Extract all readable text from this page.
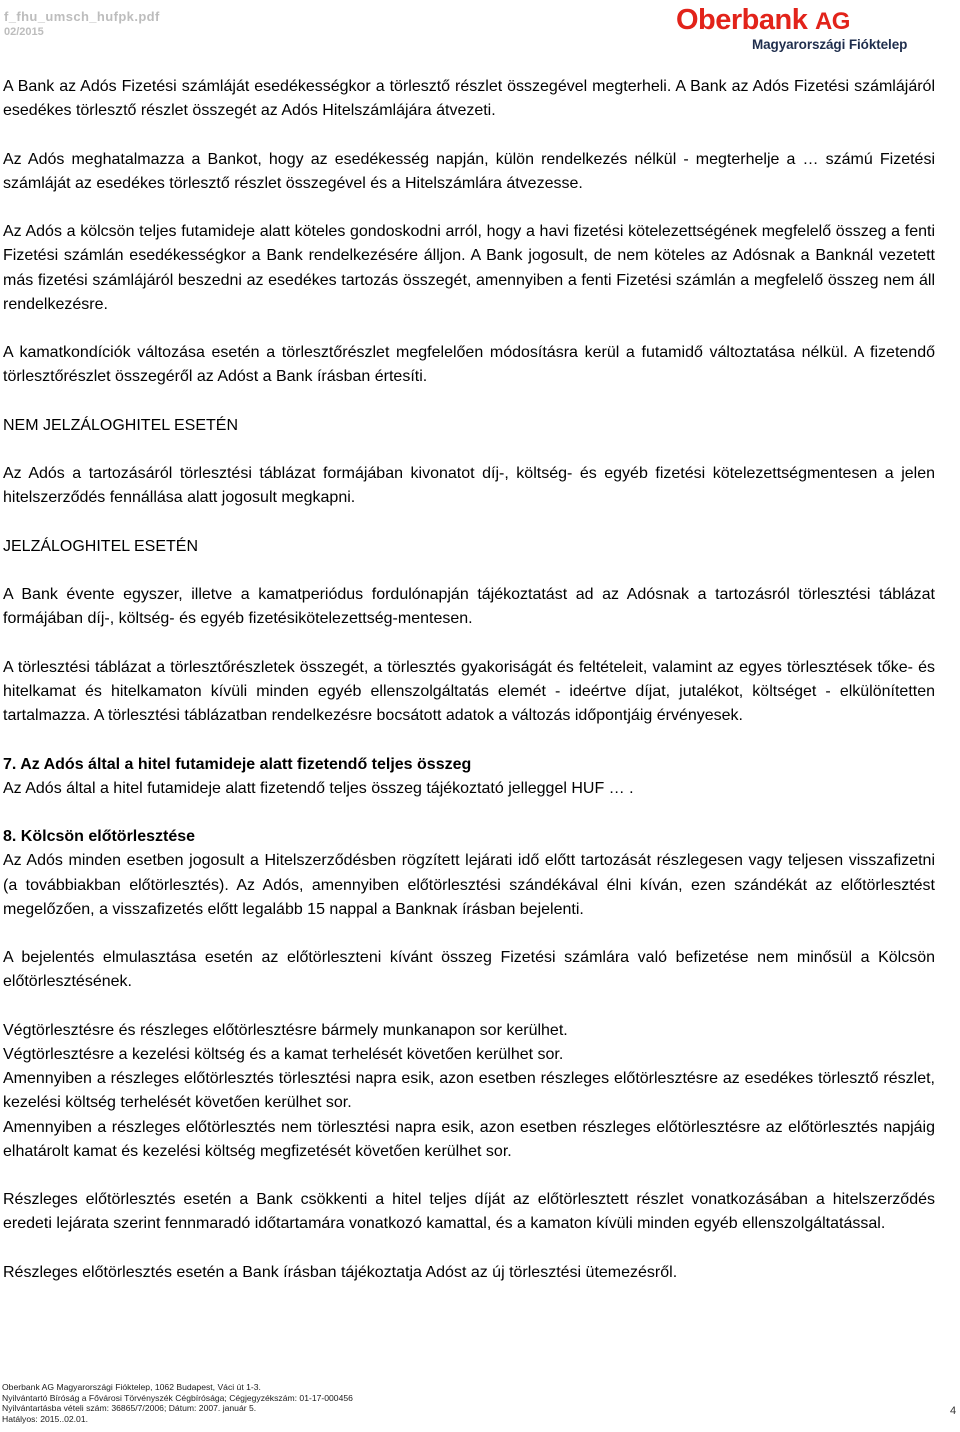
f_fhu_umsch_hufpk.pdf
02/2015	Oberbank AG
Magyarországi Fióktelep

A Bank az Adós Fizetési számláját esedékességkor a törlesztő részlet összegével megterheli. A Bank az Adós Fizetési számlájáról esedékes törlesztő részlet összegét az Adós Hitelszámlájára átvezeti.

Az Adós meghatalmazza a Bankot, hogy az esedékesség napján, külön rendelkezés nélkül - megterhelje a … számú Fizetési számláját az esedékes törlesztő részlet összegével és a Hitelszámlára átvezesse.

Az Adós a kölcsön teljes futamideje alatt köteles gondoskodni arról, hogy a havi fizetési kötelezettségének megfelelő összeg a fenti Fizetési számlán esedékességkor a Bank rendelkezésére álljon. A Bank jogosult, de nem köteles az Adósnak a Banknál vezetett más fizetési számlájáról beszedni az esedékes tartozás összegét, amennyiben a fenti Fizetési számlán a megfelelő összeg nem áll rendelkezésre.

A kamatkondíciók változása esetén a törlesztőrészlet megfelelően módosításra kerül a futamidő változtatása nélkül. A fizetendő törlesztőrészlet összegéről az Adóst a Bank írásban értesíti.

NEM JELZÁLOGHITEL ESETÉN

Az Adós a tartozásáról törlesztési táblázat formájában kivonatot díj-, költség- és egyéb fizetési kötelezettségmentesen a jelen hitelszerződés fennállása alatt jogosult megkapni.

JELZÁLOGHITEL ESETÉN

A Bank évente egyszer, illetve a kamatperiódus fordulónapján tájékoztatást ad az Adósnak a tartozásról törlesztési táblázat formájában díj-, költség- és egyéb fizetésikötelezettség-mentesen.

A törlesztési táblázat a törlesztőrészletek összegét, a törlesztés gyakoriságát és feltételeit, valamint az egyes törlesztések tőke- és hitelkamat és hitelkamaton kívüli minden egyéb ellenszolgáltatás elemét - ideértve díjat, jutalékot, költséget - elkülönítetten tartalmazza. A törlesztési táblázatban rendelkezésre bocsátott adatok a változás időpontjáig érvényesek.

7. Az Adós által a hitel futamideje alatt fizetendő teljes összeg

Az Adós által a hitel futamideje alatt fizetendő teljes összeg tájékoztató jelleggel HUF … .

8. Kölcsön előtörlesztése

Az Adós minden esetben jogosult a Hitelszerződésben rögzített lejárati idő előtt tartozását részlegesen vagy teljesen visszafizetni (a továbbiakban előtörlesztés). Az Adós, amennyiben előtörlesztési szándékával élni kíván, ezen szándékát az előtörlesztést megelőzően, a visszafizetés előtt legalább 15 nappal a Banknak írásban bejelenti.

A bejelentés elmulasztása esetén az előtörleszteni kívánt összeg Fizetési számlára való befizetése nem minősül a Kölcsön előtörlesztésének.

Végtörlesztésre és részleges előtörlesztésre bármely munkanapon sor kerülhet.

Végtörlesztésre a kezelési költség és a kamat terhelését követően kerülhet sor.

Amennyiben a részleges előtörlesztés törlesztési napra esik, azon esetben részleges előtörlesztésre az esedékes törlesztő részlet, kezelési költség terhelését követően kerülhet sor.

Amennyiben a részleges előtörlesztés nem törlesztési napra esik, azon esetben részleges előtörlesztésre az előtörlesztés napjáig elhatárolt kamat és kezelési költség megfizetését követően kerülhet sor.

Részleges előtörlesztés esetén a Bank csökkenti a hitel teljes díját az előtörlesztett részlet vonatkozásában a hitelszerződés eredeti lejárata szerint fennmaradó időtartamára vonatkozó kamattal, és a kamaton kívüli minden egyéb ellenszolgáltatással.

Részleges előtörlesztés esetén a Bank írásban tájékoztatja Adóst az új törlesztési ütemezésről.

Oberbank AG Magyarországi Fióktelep, 1062 Budapest, Váci út 1-3.
Nyilvántartó Bíróság a Fővárosi Törvényszék Cégbírósága; Cégjegyzékszám: 01-17-000456
Nyilvántartásba vételi szám: 36865/7/2006; Dátum: 2007. január 5.
Hatályos: 2015..02.01.
4
